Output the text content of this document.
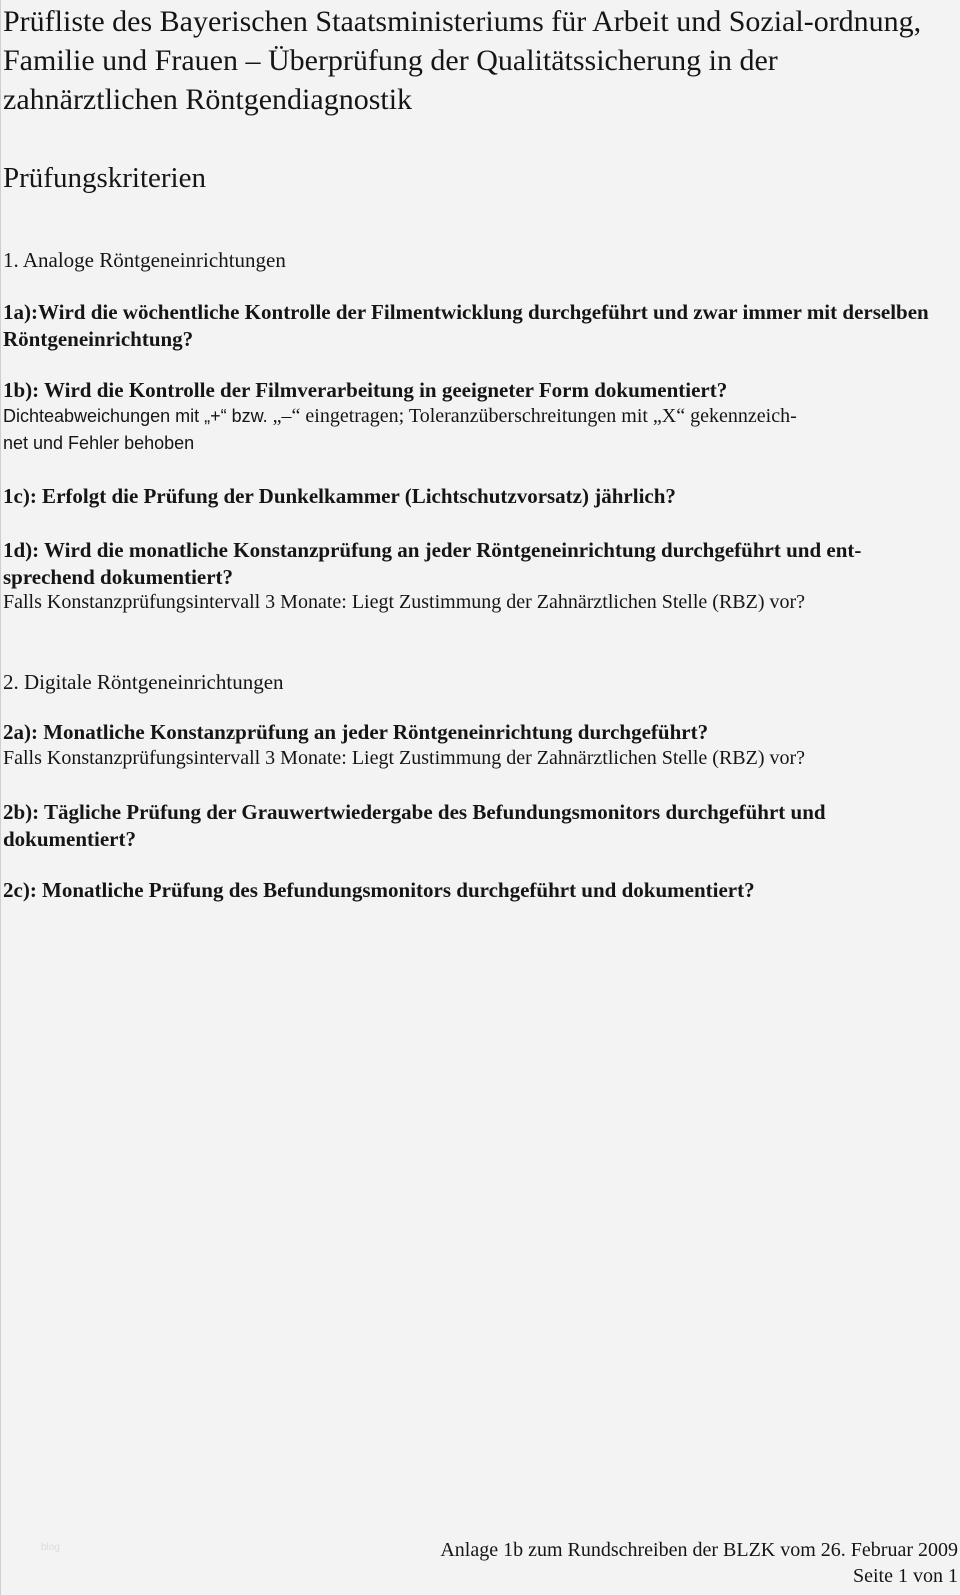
Prüfliste des Bayerischen Staatsministeriums für Arbeit und Sozial-ordnung, Familie und Frauen – Überprüfung der Qualitätssicherung in der zahnärztlichen Röntgendiagnostik
Prüfungskriterien
1. Analoge Röntgeneinrichtungen

1a):Wird die wöchentliche Kontrolle der Filmentwicklung durchgeführt und zwar immer mit derselben Röntgeneinrichtung?

1b): Wird die Kontrolle der Filmverarbeitung in geeigneter Form dokumentiert?

Dichteabweichungen mit „+“ bzw. „–“ eingetragen; Toleranzüberschreitungen mit „X“ gekennzeich-

net und Fehler behoben

1c): Erfolgt die Prüfung der Dunkelkammer (Lichtschutzvorsatz) jährlich?

1d): Wird die monatliche Konstanzprüfung an jeder Röntgeneinrichtung durchgeführt und ent-sprechend dokumentiert?

Falls Konstanzprüfungsintervall 3 Monate: Liegt Zustimmung der Zahnärztlichen Stelle (RBZ) vor?

2. Digitale Röntgeneinrichtungen

2a): Monatliche Konstanzprüfung an jeder Röntgeneinrichtung durchgeführt?

Falls Konstanzprüfungsintervall 3 Monate: Liegt Zustimmung der Zahnärztlichen Stelle (RBZ) vor?

2b): Tägliche Prüfung der Grauwertwiedergabe des Befundungsmonitors durchgeführt und dokumentiert?

2c): Monatliche Prüfung des Befundungsmonitors durchgeführt und dokumentiert?

blog	Anlage 1b zum Rundschreiben der BLZK vom 26. Februar 2009

Seite 1 von 1
